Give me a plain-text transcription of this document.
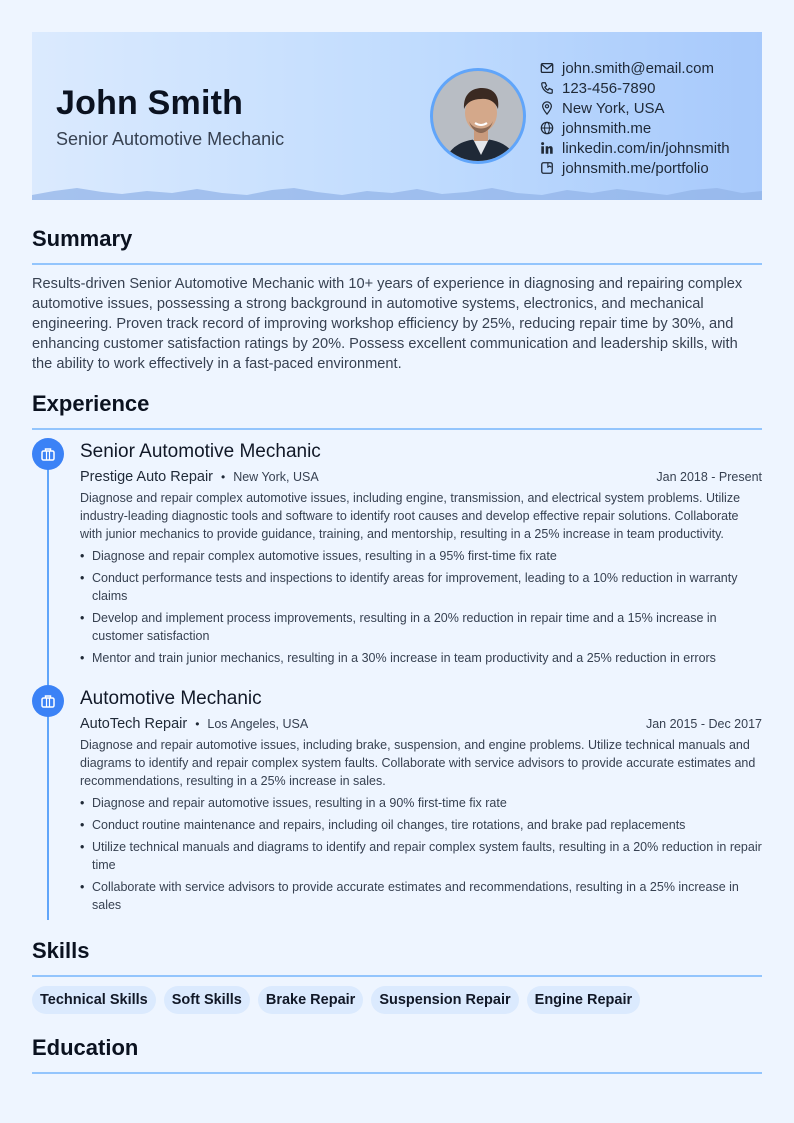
John Smith
Senior Automotive Mechanic
john.smith@email.com
123-456-7890
New York, USA
johnsmith.me
linkedin.com/in/johnsmith
johnsmith.me/portfolio
Summary
Results-driven Senior Automotive Mechanic with 10+ years of experience in diagnosing and repairing complex automotive issues, possessing a strong background in automotive systems, electronics, and mechanical engineering. Proven track record of improving workshop efficiency by 25%, reducing repair time by 30%, and enhancing customer satisfaction ratings by 20%. Possess excellent communication and leadership skills, with the ability to work effectively in a fast-paced environment.
Experience
Senior Automotive Mechanic
Prestige Auto Repair • New York, USA	Jan 2018 - Present
Diagnose and repair complex automotive issues, including engine, transmission, and electrical system problems. Utilize industry-leading diagnostic tools and software to identify root causes and develop effective repair solutions. Collaborate with junior mechanics to provide guidance, training, and mentorship, resulting in a 25% increase in team productivity.
• Diagnose and repair complex automotive issues, resulting in a 95% first-time fix rate
• Conduct performance tests and inspections to identify areas for improvement, leading to a 10% reduction in warranty claims
• Develop and implement process improvements, resulting in a 20% reduction in repair time and a 15% increase in customer satisfaction
• Mentor and train junior mechanics, resulting in a 30% increase in team productivity and a 25% reduction in errors
Automotive Mechanic
AutoTech Repair • Los Angeles, USA	Jan 2015 - Dec 2017
Diagnose and repair automotive issues, including brake, suspension, and engine problems. Utilize technical manuals and diagrams to identify and repair complex system faults. Collaborate with service advisors to provide accurate estimates and recommendations, resulting in a 25% increase in sales.
• Diagnose and repair automotive issues, resulting in a 90% first-time fix rate
• Conduct routine maintenance and repairs, including oil changes, tire rotations, and brake pad replacements
• Utilize technical manuals and diagrams to identify and repair complex system faults, resulting in a 20% reduction in repair time
• Collaborate with service advisors to provide accurate estimates and recommendations, resulting in a 25% increase in sales
Skills
Technical Skills	Soft Skills	Brake Repair	Suspension Repair	Engine Repair
Education
